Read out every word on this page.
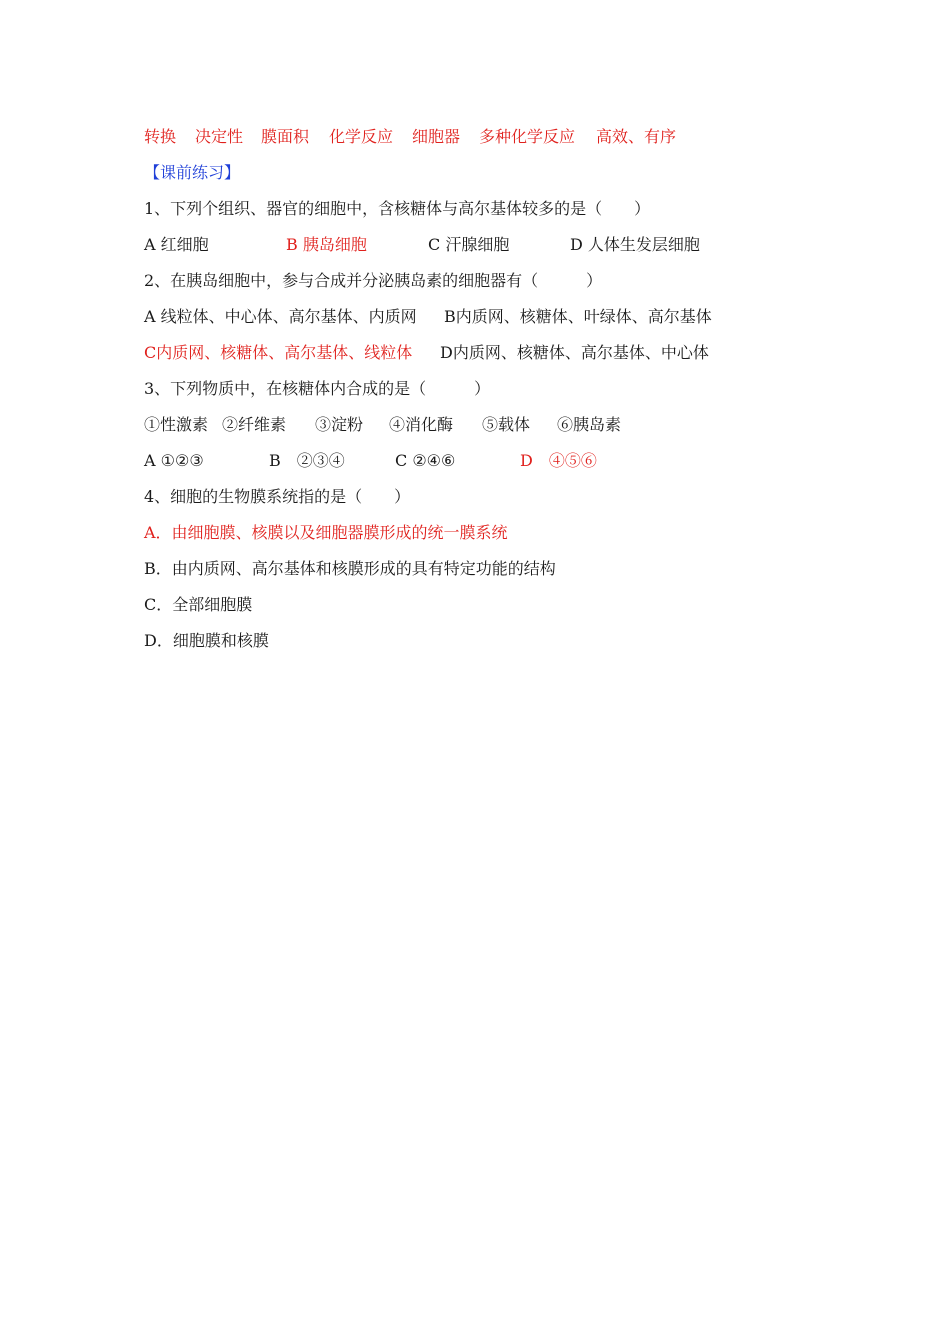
转换 决定性 膜面积 化学反应 细胞器 多种化学反应 高效、有序
【课前练习】
1、下列个组织、器官的细胞中，含核糖体与高尔基体较多的是（　　）
A 红细胞	B 胰岛细胞	C 汗腺细胞	D 人体生发层细胞
2、在胰岛细胞中，参与合成并分泌胰岛素的细胞器有（　　　）
A 线粒体、中心体、高尔基体、内质网 B内质网、核糖体、叶绿体、高尔基体
C内质网、核糖体、高尔基体、线粒体 D内质网、核糖体、高尔基体、中心体
3、下列物质中，在核糖体内合成的是（　　　）
①性激素 ②纤维素 ③淀粉 ④消化酶 ⑤载体 ⑥胰岛素
A ①②③	B　②③④	C ②④⑥	D　④⑤⑥
4、细胞的生物膜系统指的是（　　）
A．由细胞膜、核膜以及细胞器膜形成的统一膜系统
B．由内质网、高尔基体和核膜形成的具有特定功能的结构
C．全部细胞膜
D．细胞膜和核膜
